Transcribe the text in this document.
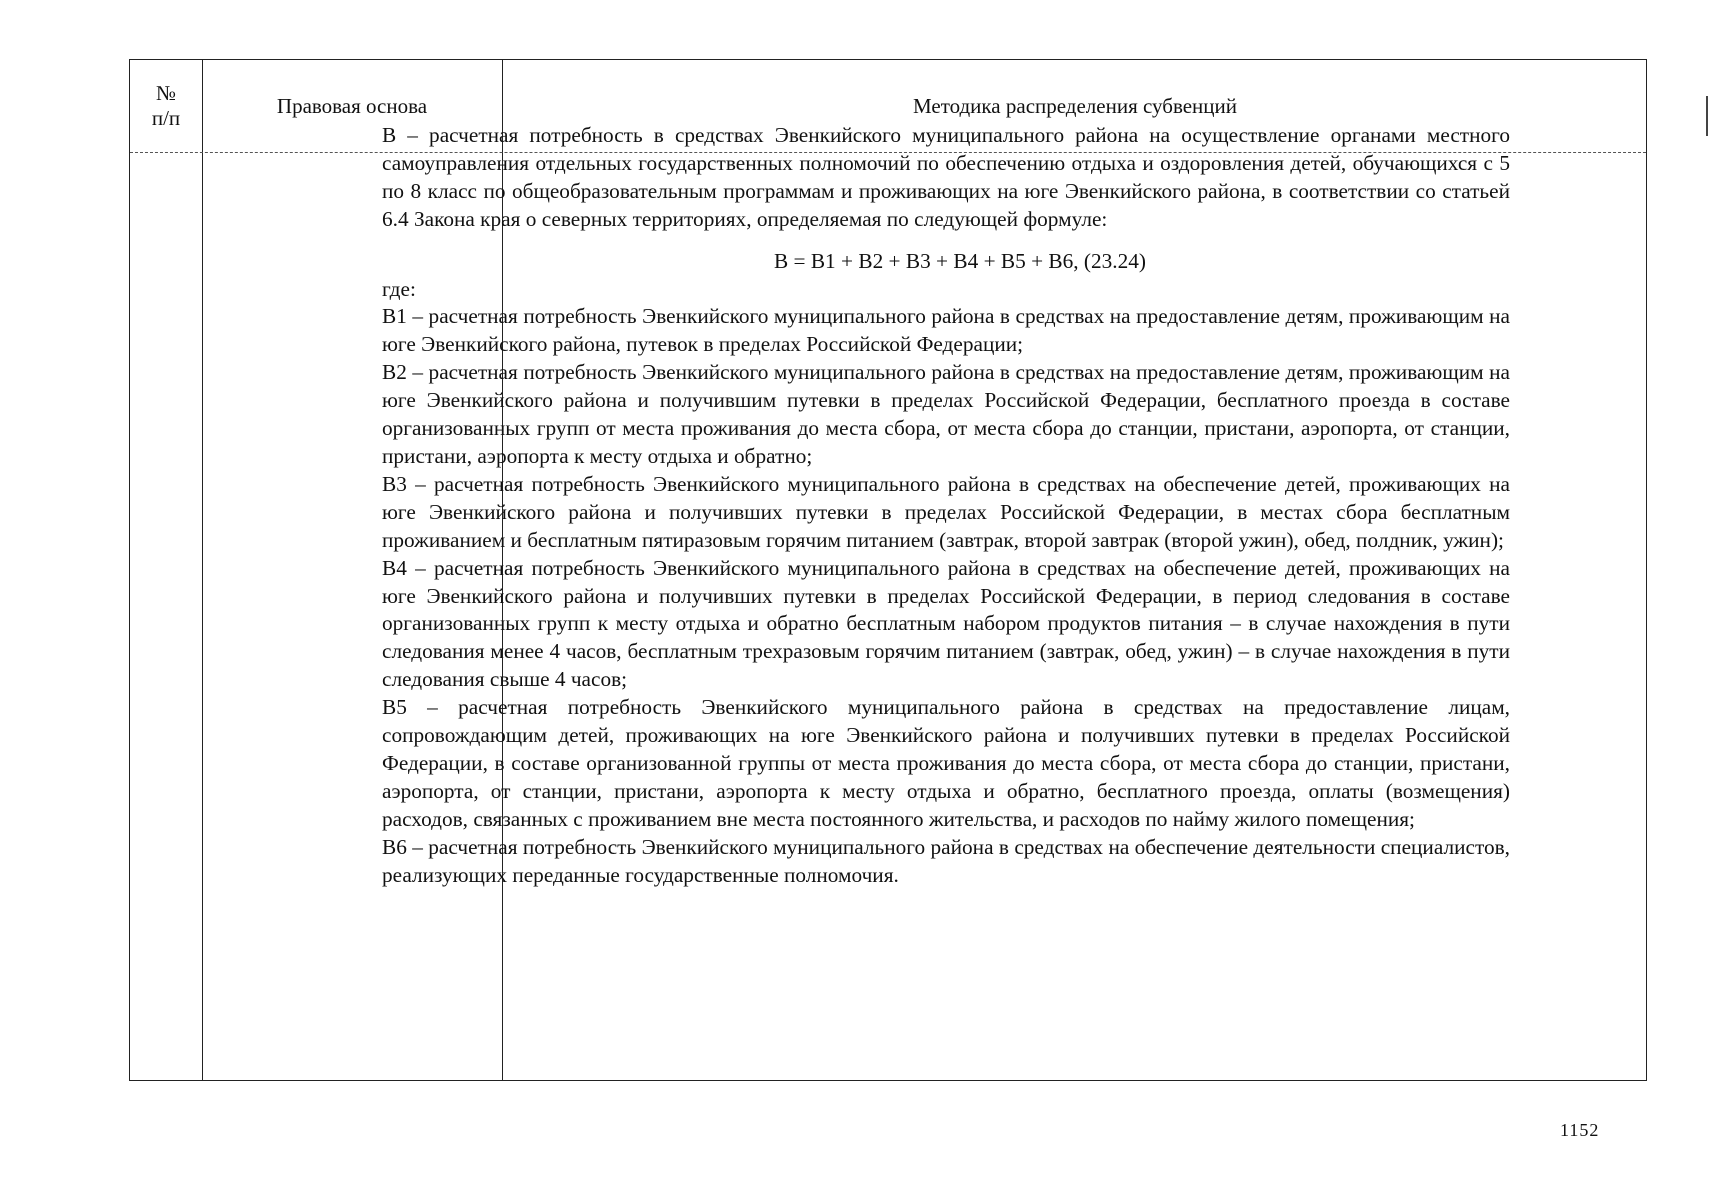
№
п/п
Правовая основа	Методика распределения субвенций

В – расчетная потребность в средствах Эвенкийского муниципального района на осуществление органами местного самоуправления отдельных государственных полномочий по обеспечению отдыха и оздоровления детей, обучающихся с 5 по 8 класс по общеобразовательным программам и проживающих на юге Эвенкийского района, в соответствии со статьей 6.4 Закона края о северных территориях, определяемая по следующей формуле:

В = В1 + В2 + В3 + В4 + В5 + В6, (23.24)

где:

В1 – расчетная потребность Эвенкийского муниципального района в средствах на предоставление детям, проживающим на юге Эвенкийского района, путевок в пределах Российской Федерации;

В2 – расчетная потребность Эвенкийского муниципального района в средствах на предоставление детям, проживающим на юге Эвенкийского района и получившим путевки в пределах Российской Федерации, бесплатного проезда в составе организованных групп от места проживания до места сбора, от места сбора до станции, пристани, аэропорта, от станции, пристани, аэропорта к месту отдыха и обратно;

В3 – расчетная потребность Эвенкийского муниципального района в средствах на обеспечение детей, проживающих на юге Эвенкийского района и получивших путевки в пределах Российской Федерации, в местах сбора бесплатным проживанием и бесплатным пятиразовым горячим питанием (завтрак, второй завтрак (второй ужин), обед, полдник, ужин);

В4 – расчетная потребность Эвенкийского муниципального района в средствах на обеспечение детей, проживающих на юге Эвенкийского района и получивших путевки в пределах Российской Федерации, в период следования в составе организованных групп к месту отдыха и обратно бесплатным набором продуктов питания – в случае нахождения в пути следования менее 4 часов, бесплатным трехразовым горячим питанием (завтрак, обед, ужин) – в случае нахождения в пути следования свыше 4 часов;

В5 – расчетная потребность Эвенкийского муниципального района в средствах на предоставление лицам, сопровождающим детей, проживающих на юге Эвенкийского района и получивших путевки в пределах Российской Федерации, в составе организованной группы от места проживания до места сбора, от места сбора до станции, пристани, аэропорта, от станции, пристани, аэропорта к месту отдыха и обратно, бесплатного проезда, оплаты (возмещения) расходов, связанных с проживанием вне места постоянного жительства, и расходов по найму жилого помещения;

В6 – расчетная потребность Эвенкийского муниципального района в средствах на обеспечение деятельности специалистов, реализующих переданные государственные полномочия.

1152
